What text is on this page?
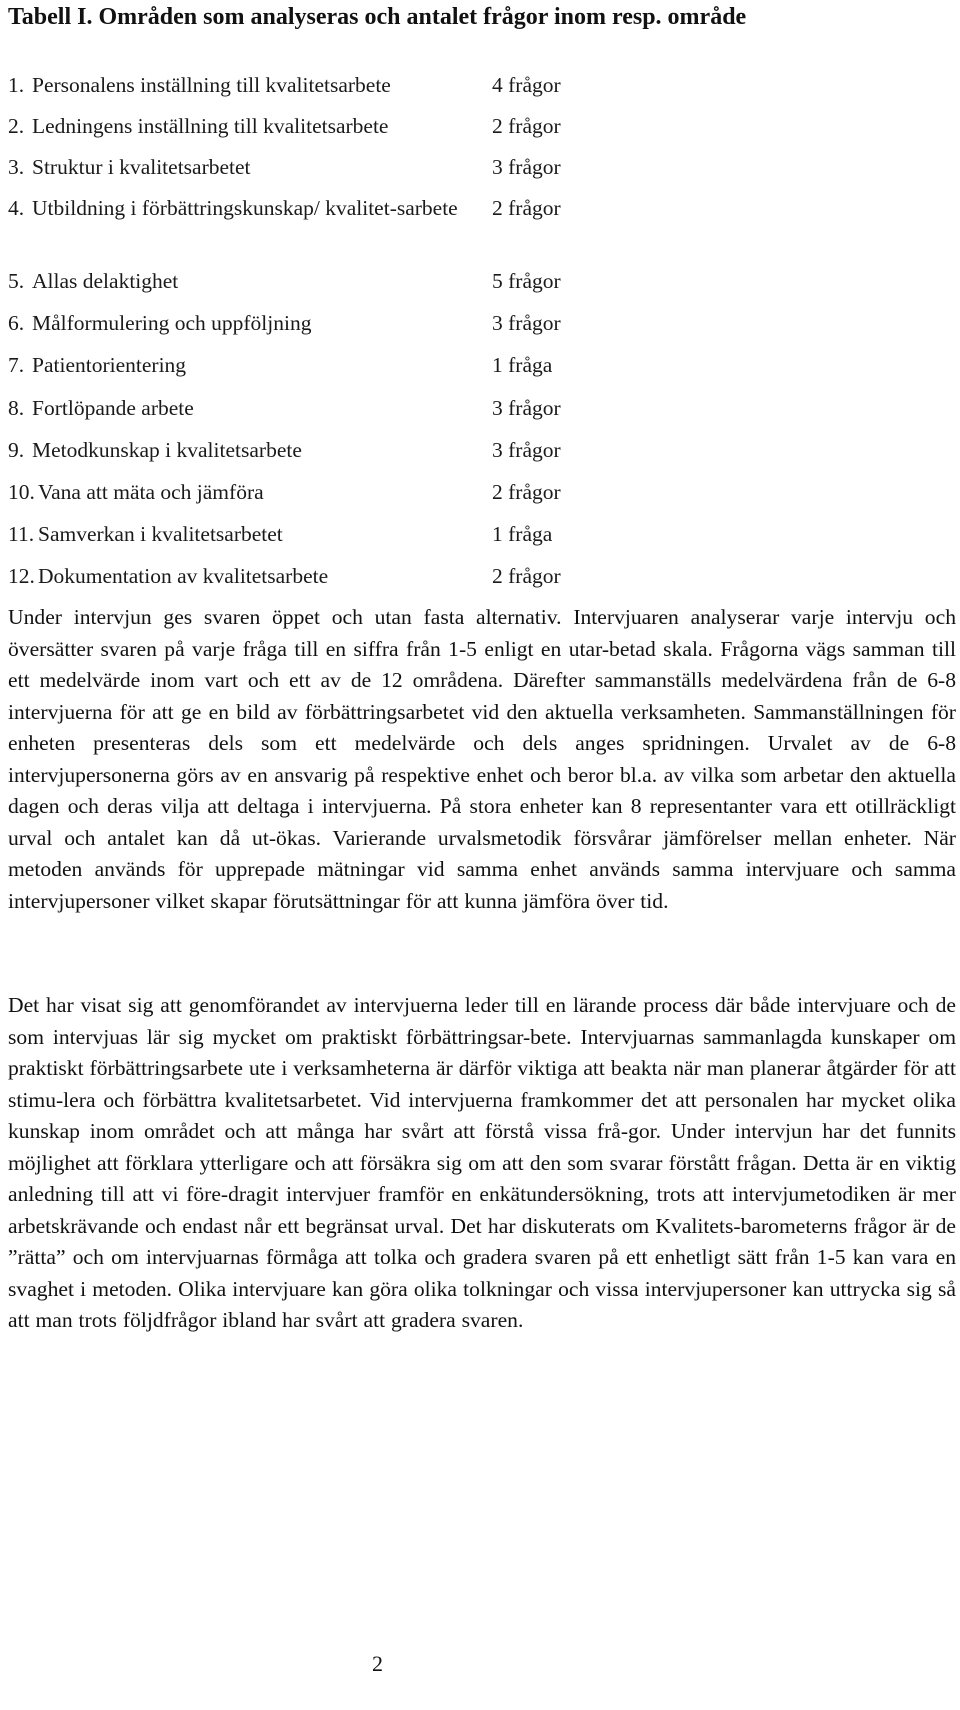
Tabell I. Områden som analyseras och antalet frågor inom resp. område
1. Personalens inställning till kvalitetsarbete	4 frågor
2. Ledningens inställning till kvalitetsarbete	2 frågor
3. Struktur i kvalitetsarbetet	3 frågor
4. Utbildning i förbättringskunskap/ kvalitet-sarbete	2 frågor
5. Allas delaktighet	5 frågor
6. Målformulering och uppföljning	3 frågor
7. Patientorientering	1 fråga
8. Fortlöpande arbete	3 frågor
9. Metodkunskap i kvalitetsarbete	3 frågor
10. Vana att mäta och jämföra	2 frågor
11. Samverkan i kvalitetsarbetet	1 fråga
12. Dokumentation av kvalitetsarbete	2 frågor

Under intervjun ges svaren öppet och utan fasta alternativ. Intervjuaren analyserar varje intervju och översätter svaren på varje fråga till en siffra från 1-5 enligt en utar-betad skala. Frågorna vägs samman till ett medelvärde inom vart och ett av de 12 områdena. Därefter sammanställs medelvärdena från de 6-8 intervjuerna för att ge en bild av förbättringsarbetet vid den aktuella verksamheten. Sammanställningen för enheten presenteras dels som ett medelvärde och dels anges spridningen. Urvalet av de 6-8 intervjupersonerna görs av en ansvarig på respektive enhet och beror bl.a. av vilka som arbetar den aktuella dagen och deras vilja att deltaga i intervjuerna. På stora enheter kan 8 representanter vara ett otillräckligt urval och antalet kan då ut-ökas. Varierande urvalsmetodik försvårar jämförelser mellan enheter. När metoden används för upprepade mätningar vid samma enhet används samma intervjuare och samma intervjupersoner vilket skapar förutsättningar för att kunna jämföra över tid.

Det har visat sig att genomförandet av intervjuerna leder till en lärande process där både intervjuare och de som intervjuas lär sig mycket om praktiskt förbättringsar-bete. Intervjuarnas sammanlagda kunskaper om praktiskt förbättringsarbete ute i verksamheterna är därför viktiga att beakta när man planerar åtgärder för att stimu-lera och förbättra kvalitetsarbetet. Vid intervjuerna framkommer det att personalen har mycket olika kunskap inom området och att många har svårt att förstå vissa frå-gor. Under intervjun har det funnits möjlighet att förklara ytterligare och att försäkra sig om att den som svarar förstått frågan. Detta är en viktig anledning till att vi före-dragit intervjuer framför en enkätundersökning, trots att intervjumetodiken är mer arbetskrävande och endast når ett begränsat urval. Det har diskuterats om Kvalitets-barometerns frågor är de ”rätta” och om intervjuarnas förmåga att tolka och gradera svaren på ett enhetligt sätt från 1-5 kan vara en svaghet i metoden. Olika intervjuare kan göra olika tolkningar och vissa intervjupersoner kan uttrycka sig så att man trots följdfrågor ibland har svårt att gradera svaren.

2
